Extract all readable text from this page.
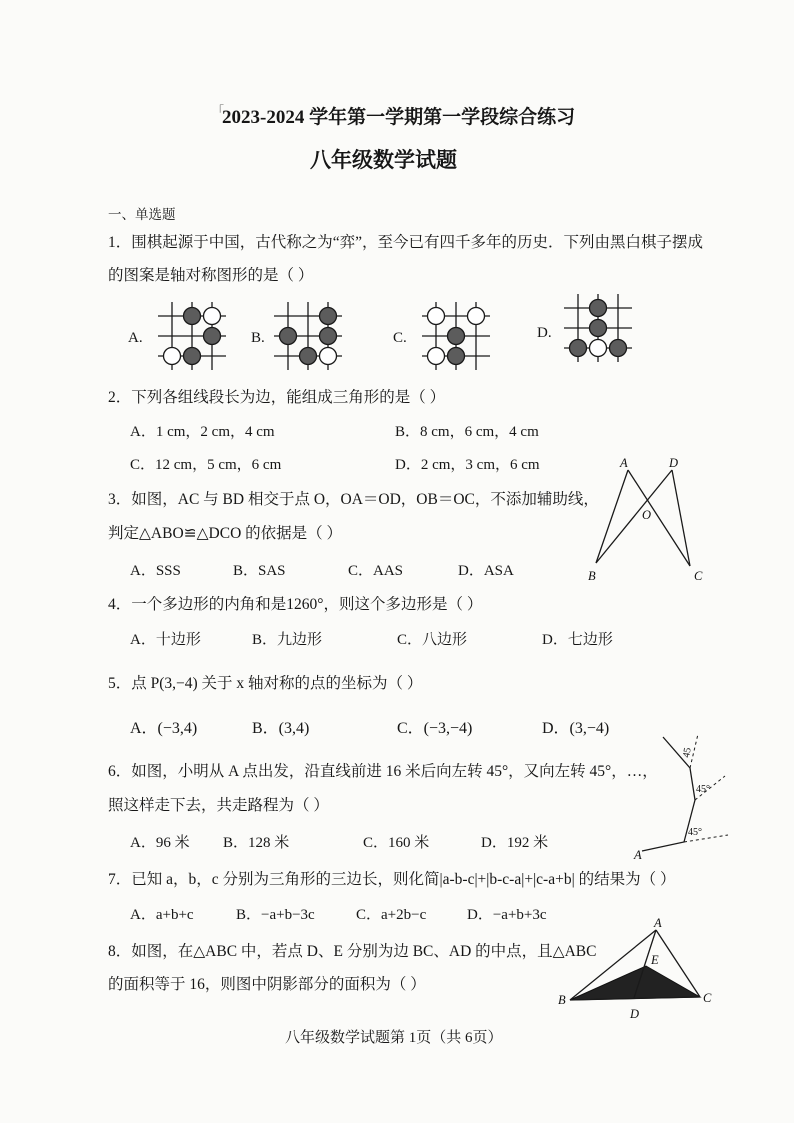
「
2023-2024 学年第一学期第一学段综合练习
八年级数学试题
一、单选题
1．围棋起源于中国，古代称之为“弈”，至今已有四千多年的历史．下列由黑白棋子摆成
的图案是轴对称图形的是（ ）
A.	B.	C.	D.
2．下列各组线段长为边，能组成三角形的是（ ）
A．1 cm，2 cm，4 cm	B．8 cm，6 cm，4 cm
C．12 cm，5 cm，6 cm	D．2 cm，3 cm，6 cm
3．如图，AC 与 BD 相交于点 O，OA＝OD，OB＝OC，不添加辅助线，
判定△ABO≌△DCO 的依据是（ ）
A．SSS	B．SAS	C．AAS	D．ASA
A	D
O
B	C
4．一个多边形的内角和是1260°，则这个多边形是（ ）
A．十边形	B．九边形	C．八边形	D．七边形
5．点 P(3,−4) 关于 x 轴对称的点的坐标为（ ）
A．(−3,4)	B．(3,4)	C．(−3,−4)	D．(3,−4)
6．如图，小明从 A 点出发，沿直线前进 16 米后向左转 45°，又向左转 45°，…，
照这样走下去，共走路程为（ ）
A．96 米 B．128 米	C．160 米	D．192 米
A
45°
45°
45
7．已知 a，b，c 分别为三角形的三边长，则化简|a-b-c|+|b-c-a|+|c-a+b| 的结果为（ ）
A．a+b+c	B．−a+b−3c	C．a+2b−c	D．−a+b+3c
8．如图，在△ABC 中，若点 D、E 分别为边 BC、AD 的中点，且△ABC
的面积等于 16，则图中阴影部分的面积为（ ）
A
E
B	C
D
八年级数学试题第 1页（共 6页）
